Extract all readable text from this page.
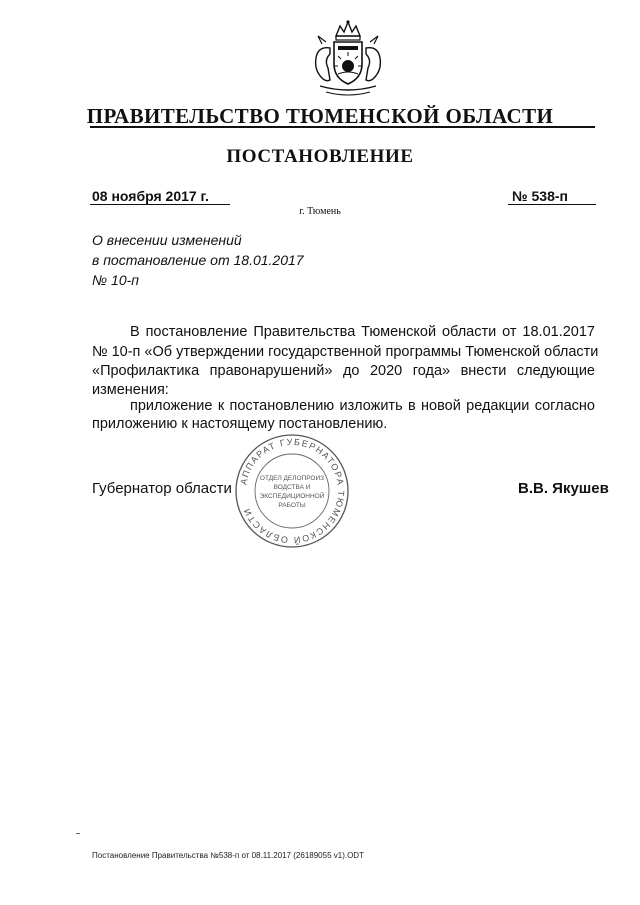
ПРАВИТЕЛЬСТВО ТЮМЕНСКОЙ ОБЛАСТИ
ПОСТАНОВЛЕНИЕ
08 ноября 2017 г.	№ 538-п
г. Тюмень
О внесении изменений
в постановление от 18.01.2017
№ 10-п
В постановление Правительства Тюменской области от 18.01.2017
№ 10-п «Об утверждении государственной программы Тюменской области
«Профилактика правонарушений» до 2020 года» внести следующие
изменения:
приложение к постановлению изложить в новой редакции согласно
приложению к настоящему постановлению.
Губернатор области	В.В. Якушев
АППАРАТ ГУБЕРНАТОРА ТЮМЕНСКОЙ ОБЛАСТИ
ОТДЕЛ ДЕЛОПРОИЗ
ВОДСТВА И
ЭКСПЕДИЦИОННОЙ
РАБОТЫ
Постановление Правительства №538-п от 08.11.2017 (26189055 v1).ODT
